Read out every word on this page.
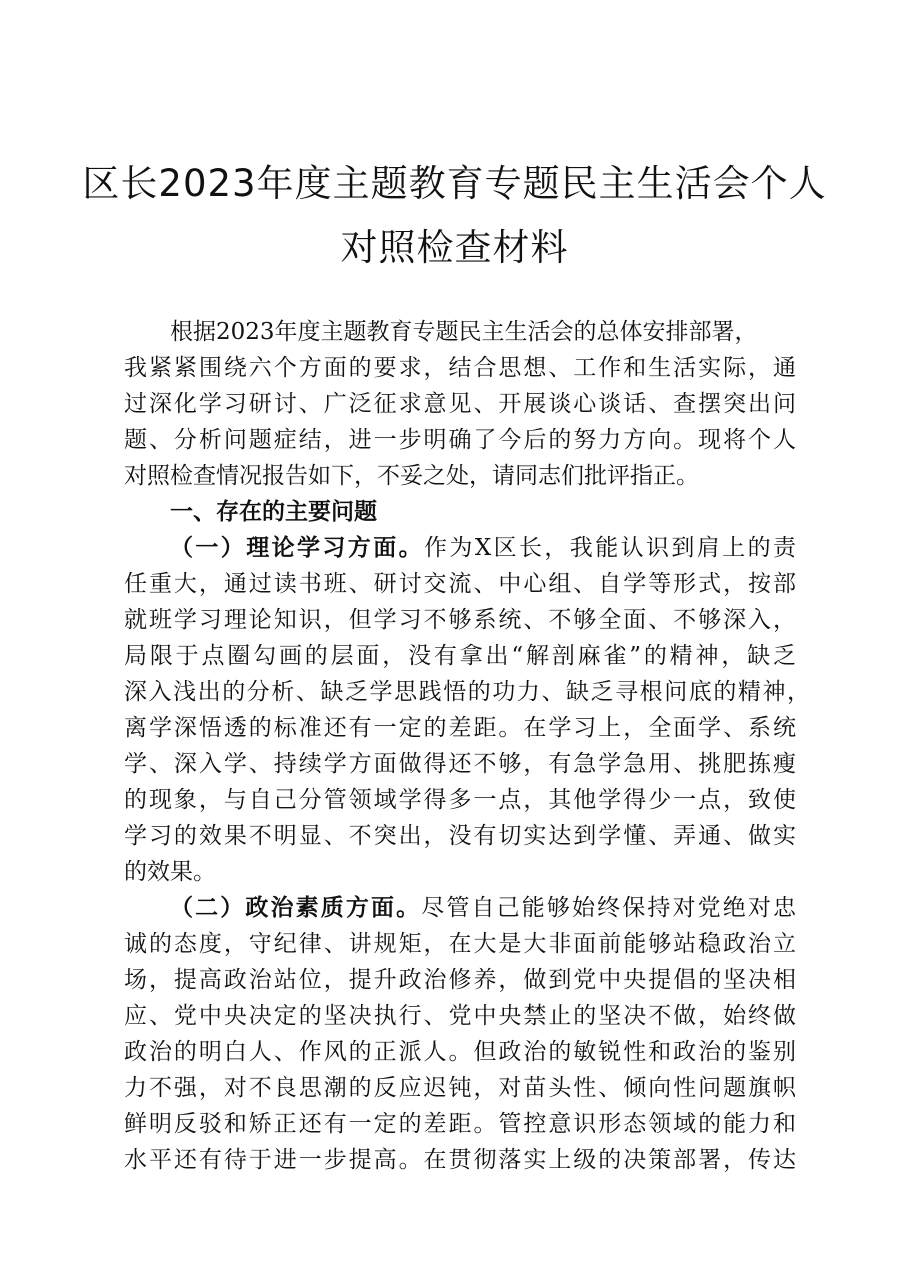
区长2023年度主题教育专题民主生活会个人
对照检查材料
根据2023年度主题教育专题民主生活会的总体安排部署，
我紧紧围绕六个方面的要求，结合思想、工作和生活实际，通
过深化学习研讨、广泛征求意见、开展谈心谈话、查摆突出问
题、分析问题症结，进一步明确了今后的努力方向。现将个人
对照检查情况报告如下，不妥之处，请同志们批评指正。
一、存在的主要问题
（一）理论学习方面。作为X区长，我能认识到肩上的责
任重大，通过读书班、研讨交流、中心组、自学等形式，按部
就班学习理论知识，但学习不够系统、不够全面、不够深入，
局限于点圈勾画的层面，没有拿出“解剖麻雀”的精神，缺乏
深入浅出的分析、缺乏学思践悟的功力、缺乏寻根问底的精神，
离学深悟透的标准还有一定的差距。在学习上，全面学、系统
学、深入学、持续学方面做得还不够，有急学急用、挑肥拣瘦
的现象，与自己分管领域学得多一点，其他学得少一点，致使
学习的效果不明显、不突出，没有切实达到学懂、弄通、做实
的效果。
（二）政治素质方面。尽管自己能够始终保持对党绝对忠
诚的态度，守纪律、讲规矩，在大是大非面前能够站稳政治立
场，提高政治站位，提升政治修养，做到党中央提倡的坚决相
应、党中央决定的坚决执行、党中央禁止的坚决不做，始终做
政治的明白人、作风的正派人。但政治的敏锐性和政治的鉴别
力不强，对不良思潮的反应迟钝，对苗头性、倾向性问题旗帜
鲜明反驳和矫正还有一定的差距。管控意识形态领域的能力和
水平还有待于进一步提高。在贯彻落实上级的决策部署，传达
